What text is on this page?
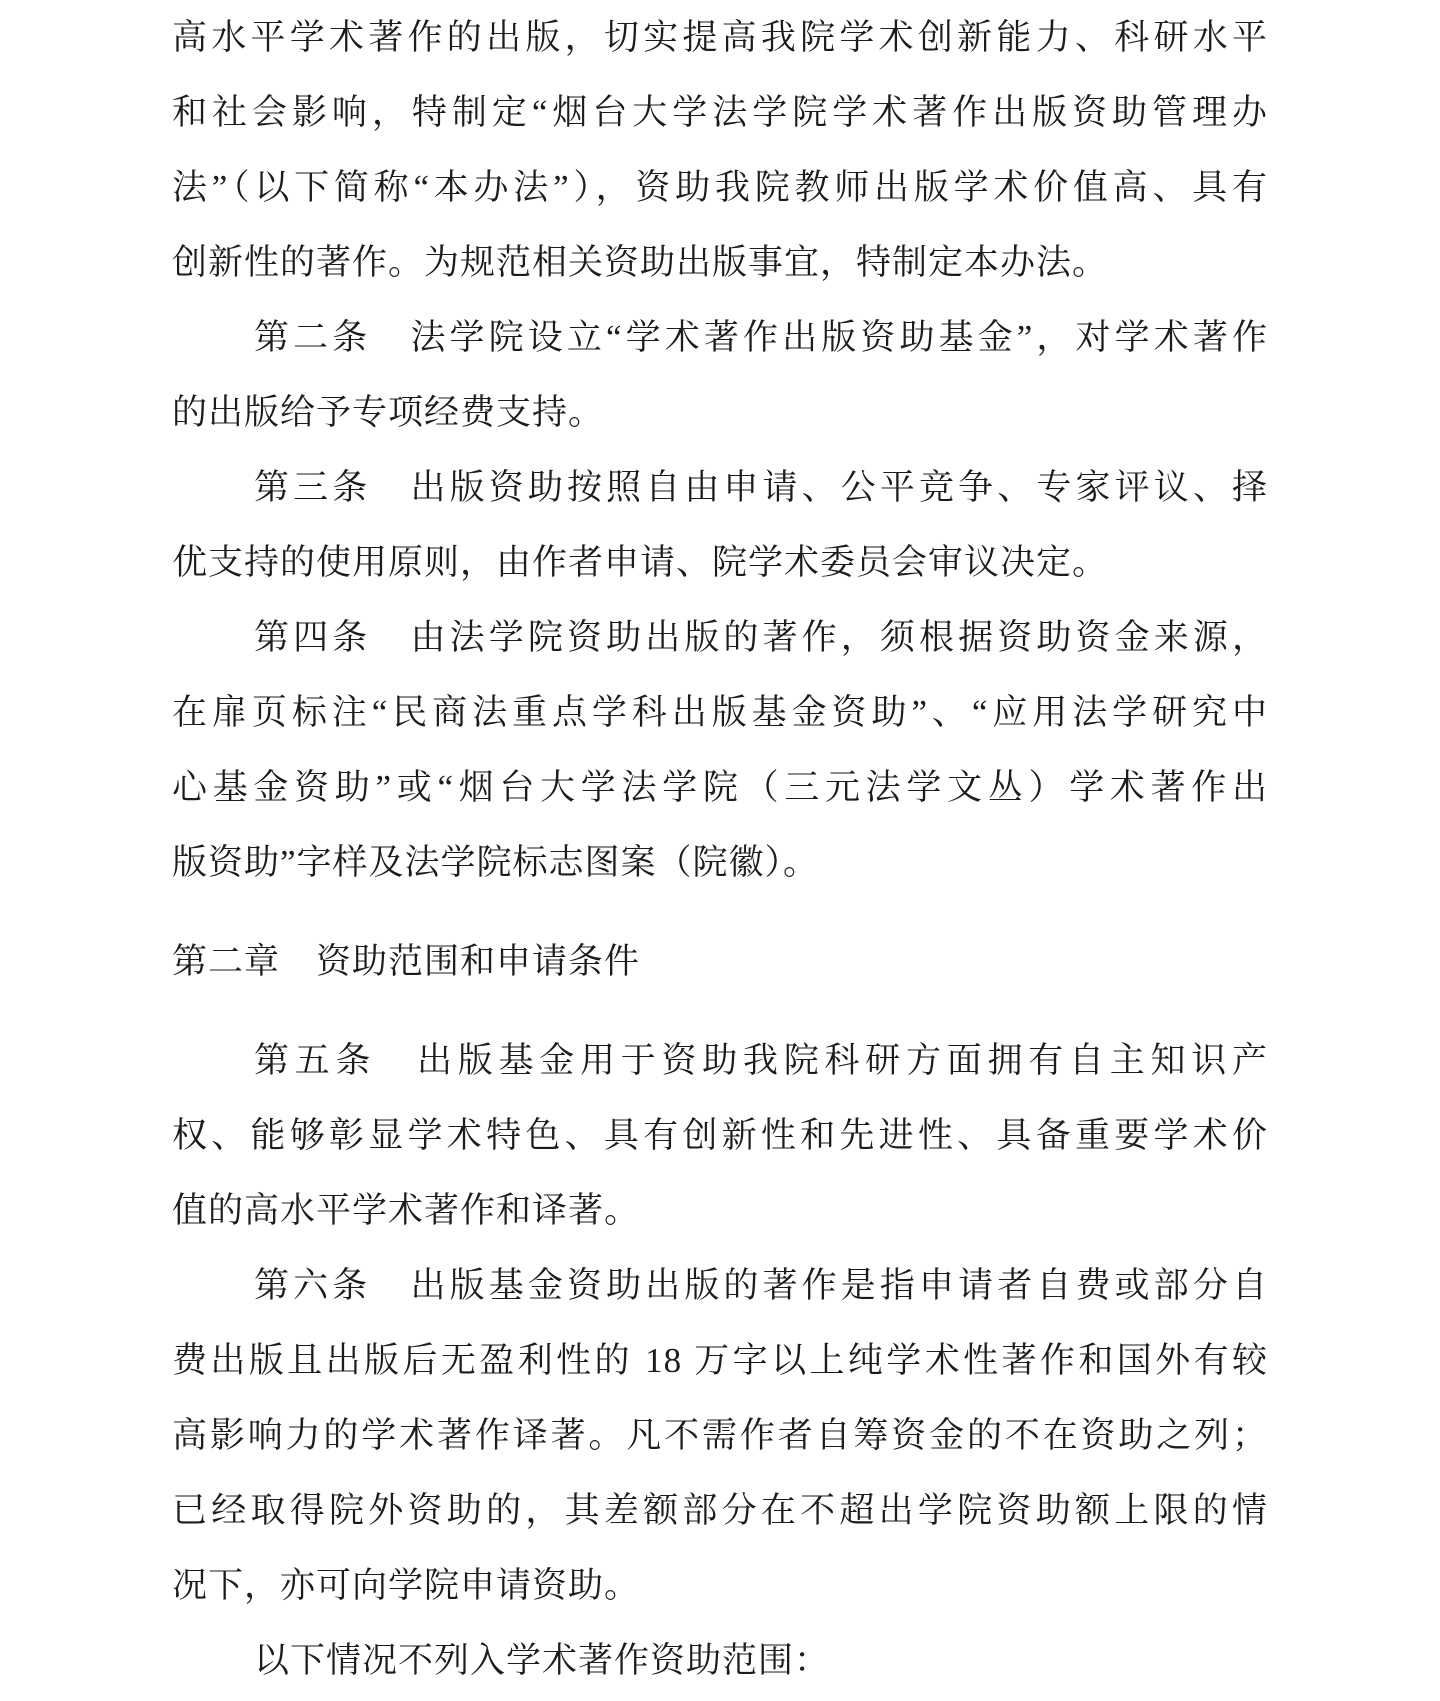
高水平学术著作的出版，切实提高我院学术创新能力、科研水平
和社会影响，特制定“烟台大学法学院学术著作出版资助管理办
法”（以下简称“本办法”），资助我院教师出版学术价值高、具有
创新性的著作。为规范相关资助出版事宜，特制定本办法。
第二条　法学院设立“学术著作出版资助基金”，对学术著作
的出版给予专项经费支持。
第三条　出版资助按照自由申请、公平竞争、专家评议、择
优支持的使用原则，由作者申请、院学术委员会审议决定。
第四条　由法学院资助出版的著作，须根据资助资金来源，
在扉页标注“民商法重点学科出版基金资助”、“应用法学研究中
心基金资助”或“烟台大学法学院（三元法学文丛）学术著作出
版资助”字样及法学院标志图案（院徽）。
第二章　资助范围和申请条件
第五条　出版基金用于资助我院科研方面拥有自主知识产
权、能够彰显学术特色、具有创新性和先进性、具备重要学术价
值的高水平学术著作和译著。
第六条　出版基金资助出版的著作是指申请者自费或部分自
费出版且出版后无盈利性的 18 万字以上纯学术性著作和国外有较
高影响力的学术著作译著。凡不需作者自筹资金的不在资助之列；
已经取得院外资助的，其差额部分在不超出学院资助额上限的情
况下，亦可向学院申请资助。
以下情况不列入学术著作资助范围：
